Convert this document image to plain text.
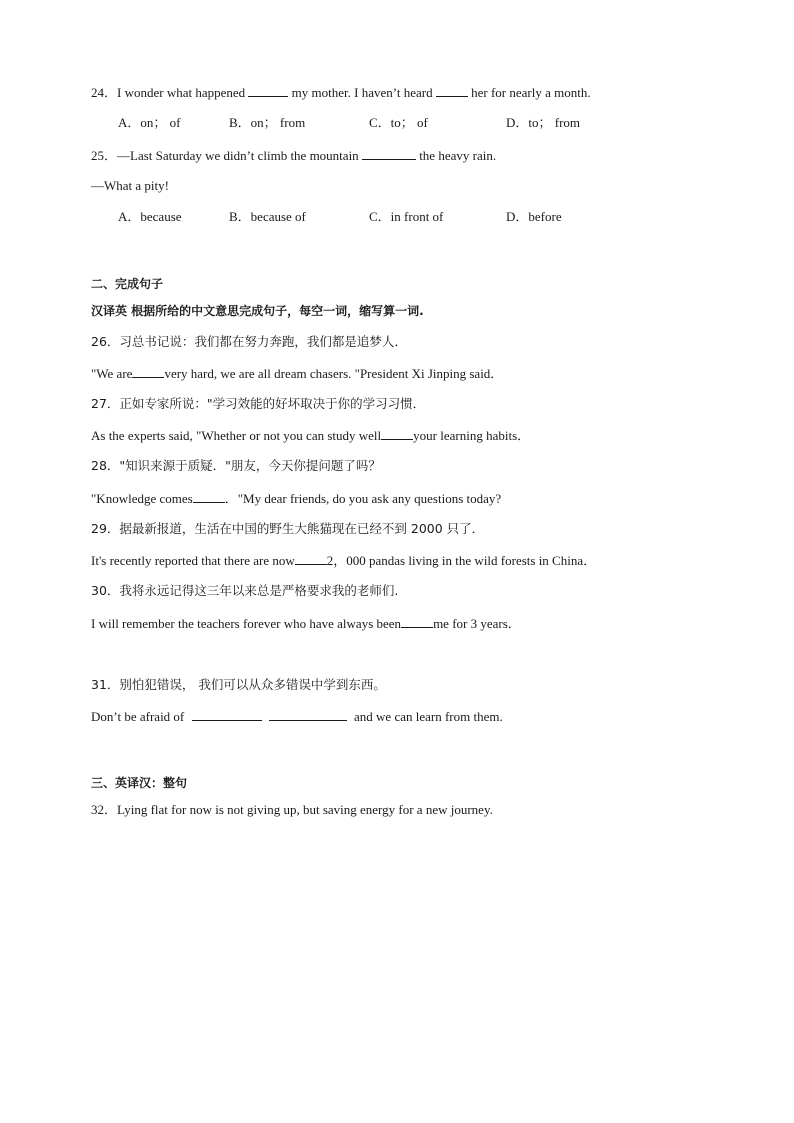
24．I wonder what happened	my mother. I haven’t heard	her for nearly a month.
A．on； of	B．on； from	C．to； of	D．to； from
25．—Last Saturday we didn’t climb the mountain	the heavy rain.
—What a pity!
A．because	B．because of	C．in front of	D．before
二、完成句子
汉译英 根据所给的中文意思完成句子，每空一词，缩写算一词.
26．习总书记说：我们都在努力奔跑，我们都是追梦人．
"We are very hard, we are all dream chasers. "President Xi Jinping said．
27．正如专家所说："学习效能的好坏取决于你的学习习惯．
As the experts said, "Whether or not you can study well your learning habits．
28．"知识来源于质疑．"朋友，今天你提问题了吗？
"Knowledge comes ．"My dear friends, do you ask any questions today?
29．据最新报道，生活在中国的野生大熊猫现在已经不到 2000 只了．
It's recently reported that there are now 2，000 pandas living in the wild forests in China．
30．我将永远记得这三年以来总是严格要求我的老师们.
I will remember the teachers forever who have always been me for 3 years．
31．别怕犯错误， 我们可以从众多错误中学到东西。
Don’t be afraid of	and we can learn from them.
三、英译汉：整句
32．Lying flat for now is not giving up, but saving energy for a new journey.
